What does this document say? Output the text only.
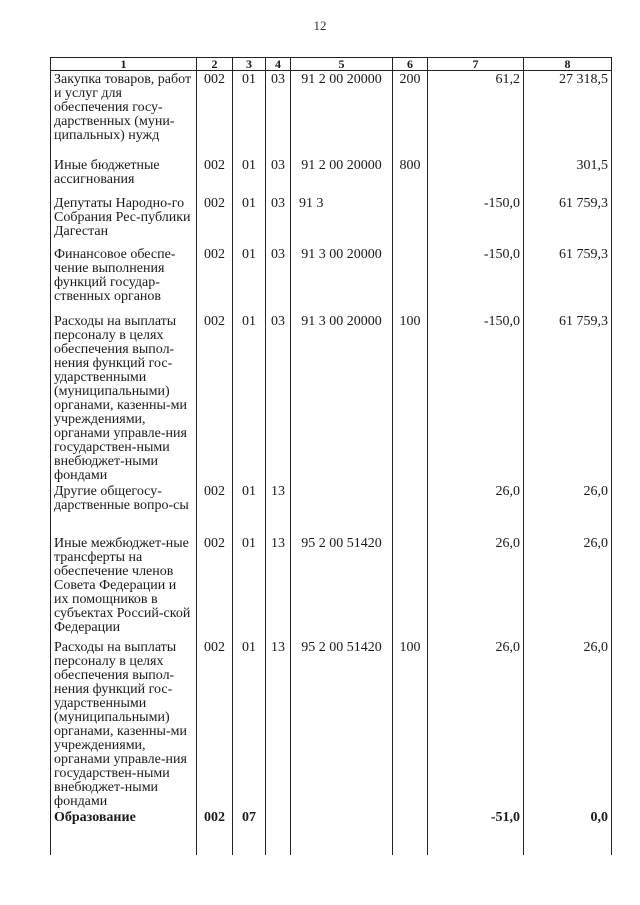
12
1	2	3	4	5	6	7	8
Закупка товаров, работ и услуг для обеспечения госу-дарственных (муни-ципальных) нужд	002	01	03	91 2 00 20000	200	61,2	27 318,5
Иные бюджетные ассигнования	002	01	03	91 2 00 20000	800		301,5
Депутаты Народно-го Собрания Рес-публики Дагестан	002	01	03	91 3		-150,0	61 759,3
Финансовое обеспе-чение выполнения функций государ-ственных органов	002	01	03	91 3 00 20000		-150,0	61 759,3
Расходы на выплаты персоналу в целях обеспечения выпол-нения функций гос-ударственными (муниципальными) органами, казенны-ми учреждениями, органами управле-ния государствен-ными внебюджет-ными фондами	002	01	03	91 3 00 20000	100	-150,0	61 759,3
Другие общегосу-дарственные вопро-сы	002	01	13			26,0	26,0
Иные межбюджет-ные трансферты на обеспечение членов Совета Федерации и их помощников в субъектах Россий-ской Федерации	002	01	13	95 2 00 51420		26,0	26,0
Расходы на выплаты персоналу в целях обеспечения выпол-нения функций гос-ударственными (муниципальными) органами, казенны-ми учреждениями, органами управле-ния государствен-ными внебюджет-ными фондами	002	01	13	95 2 00 51420	100	26,0	26,0
Образование	002	07				-51,0	0,0
